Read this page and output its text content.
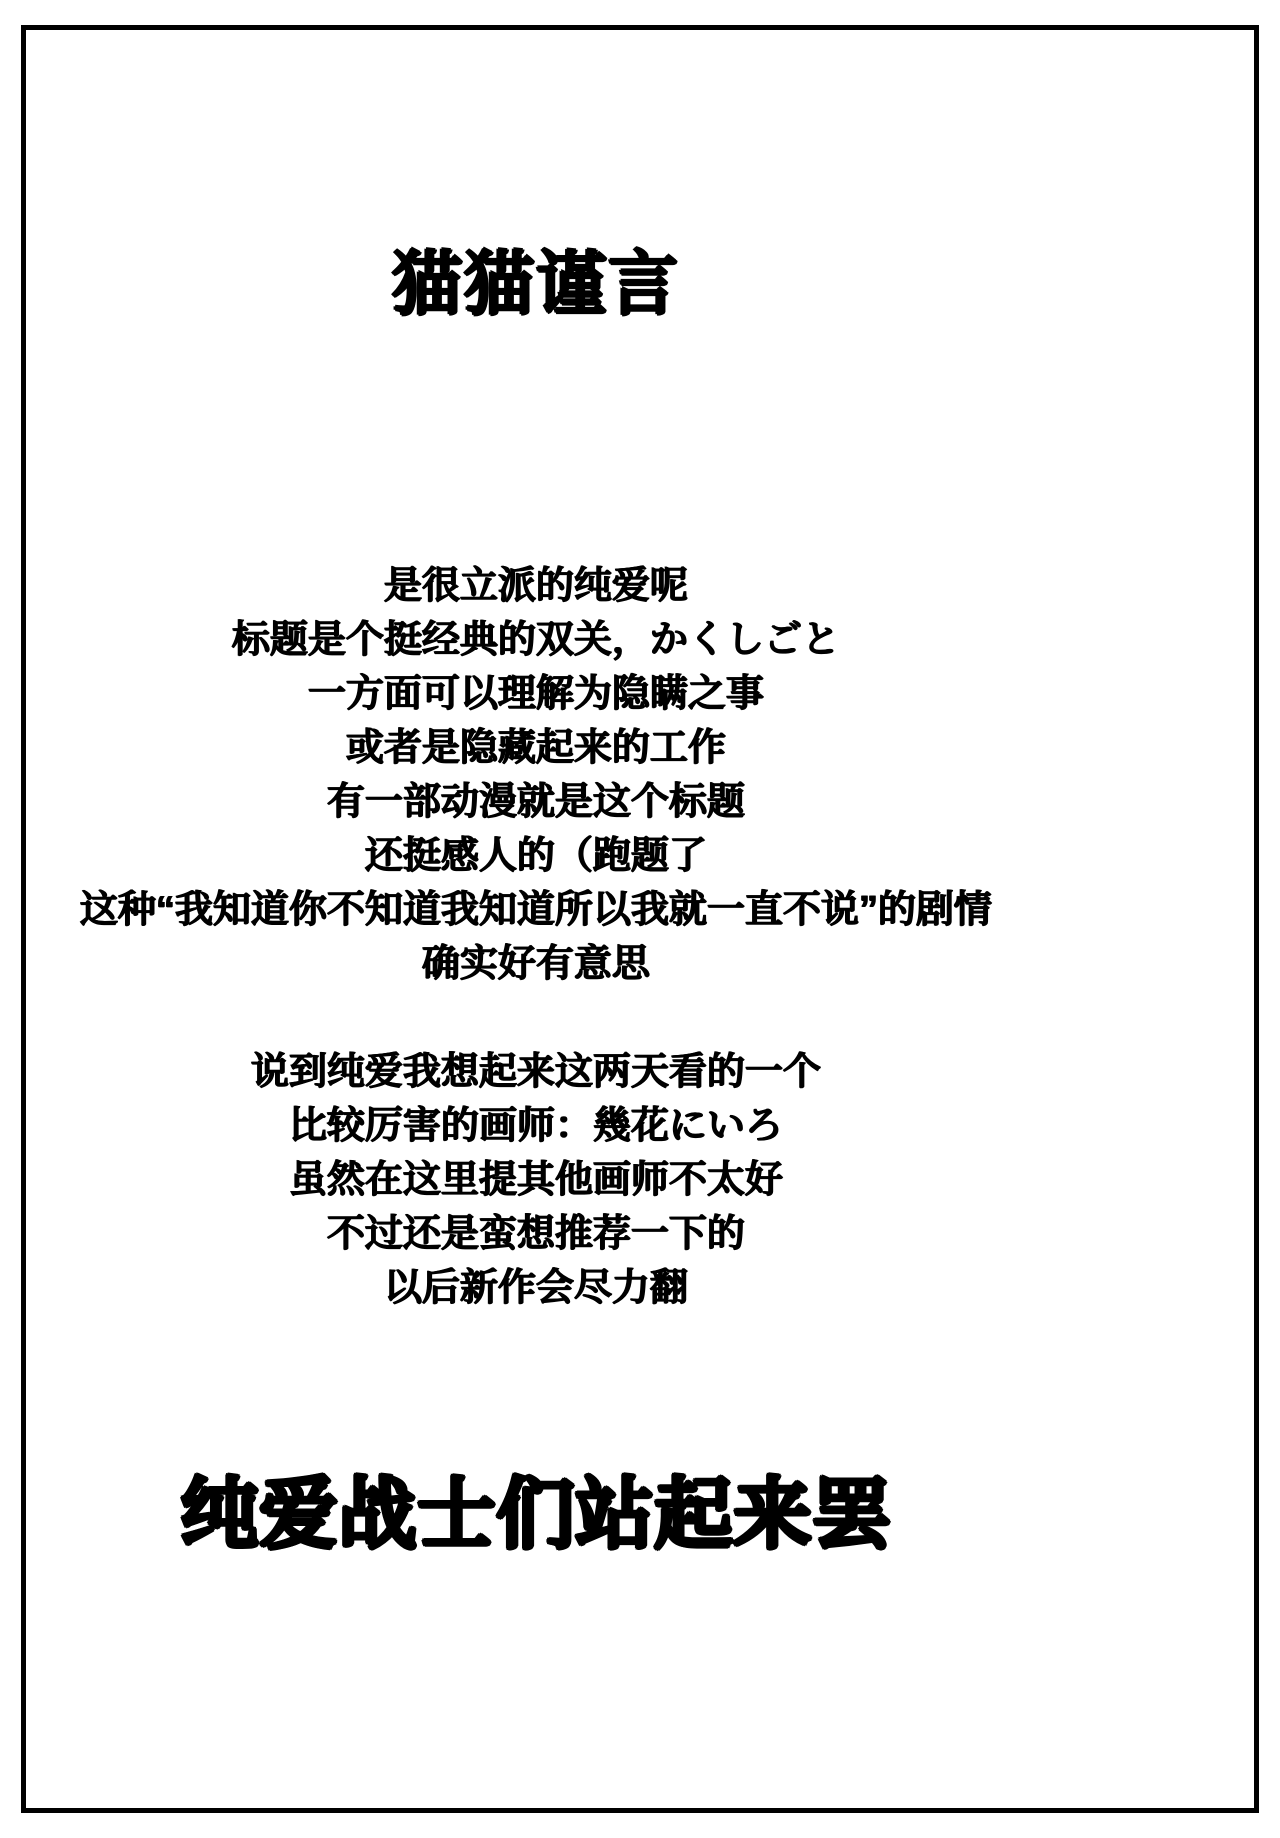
猫猫谨言
是很立派的纯爱呢
标题是个挺经典的双关，かくしごと
一方面可以理解为隐瞒之事
或者是隐藏起来的工作
有一部动漫就是这个标题
还挺感人的（跑题了
这种“我知道你不知道我知道所以我就一直不说”的剧情
确实好有意思
说到纯爱我想起来这两天看的一个
比较厉害的画师：幾花にいろ
虽然在这里提其他画师不太好
不过还是蛮想推荐一下的
以后新作会尽力翻
纯爱战士们站起来罢
